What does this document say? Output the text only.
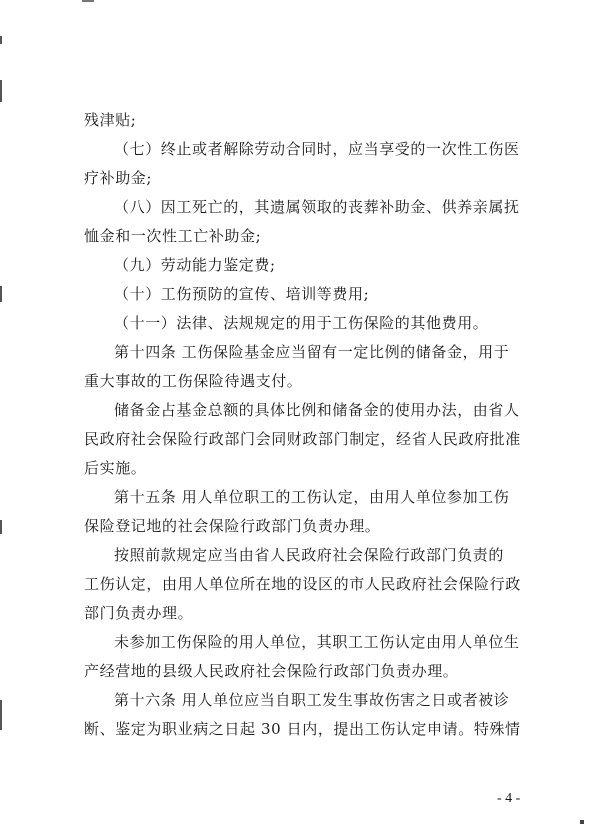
残津贴;
（七）终止或者解除劳动合同时，应当享受的一次性工伤医
疗补助金;
（八）因工死亡的，其遗属领取的丧葬补助金、供养亲属抚
恤金和一次性工亡补助金;
（九）劳动能力鉴定费;
（十）工伤预防的宣传、培训等费用;
（十一）法律、法规规定的用于工伤保险的其他费用。
第十四条 工伤保险基金应当留有一定比例的储备金，用于
重大事故的工伤保险待遇支付。
储备金占基金总额的具体比例和储备金的使用办法，由省人
民政府社会保险行政部门会同财政部门制定，经省人民政府批准
后实施。
第十五条 用人单位职工的工伤认定，由用人单位参加工伤
保险登记地的社会保险行政部门负责办理。
按照前款规定应当由省人民政府社会保险行政部门负责的
工伤认定，由用人单位所在地的设区的市人民政府社会保险行政
部门负责办理。
未参加工伤保险的用人单位，其职工工伤认定由用人单位生
产经营地的县级人民政府社会保险行政部门负责办理。
第十六条 用人单位应当自职工发生事故伤害之日或者被诊
断、鉴定为职业病之日起 30 日内，提出工伤认定申请。特殊情
- 4 -
